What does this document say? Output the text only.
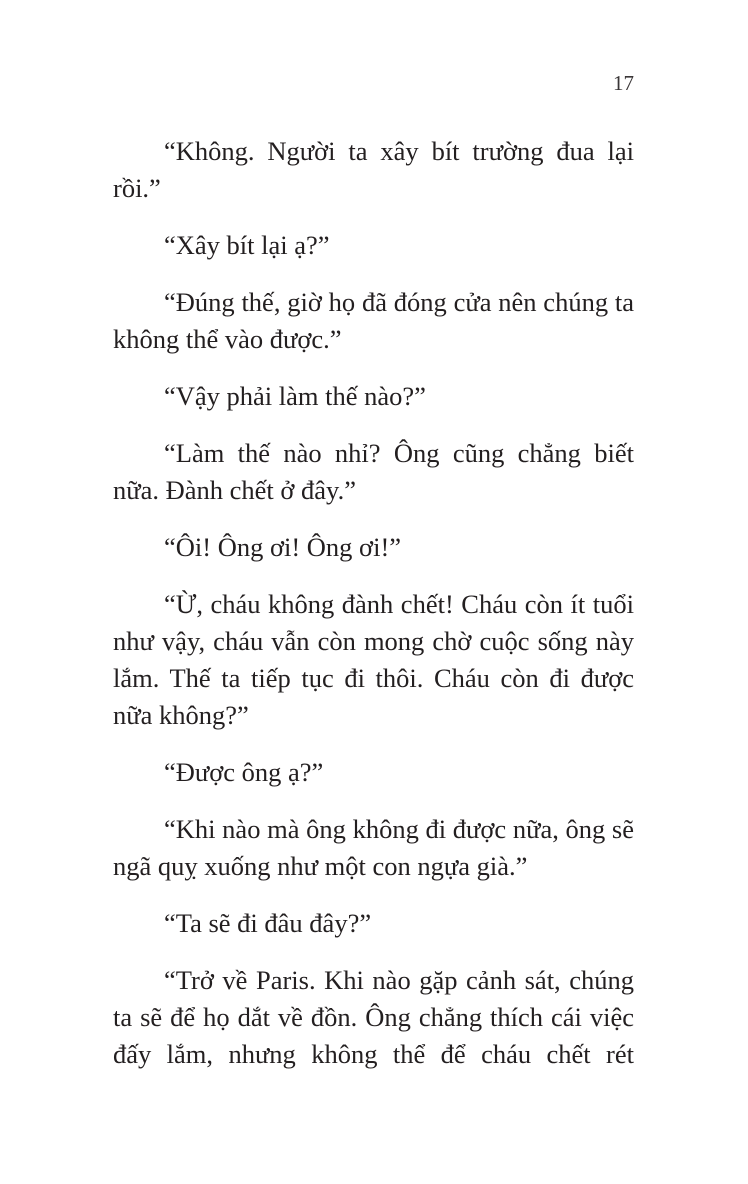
17

“Không. Người ta xây bít trường đua lại rồi.”

“Xây bít lại ạ?”

“Đúng thế, giờ họ đã đóng cửa nên chúng ta không thể vào được.”

“Vậy phải làm thế nào?”

“Làm thế nào nhỉ? Ông cũng chẳng biết nữa. Đành chết ở đây.”

“Ôi! Ông ơi! Ông ơi!”

“Ừ, cháu không đành chết! Cháu còn ít tuổi như vậy, cháu vẫn còn mong chờ cuộc sống này lắm. Thế ta tiếp tục đi thôi. Cháu còn đi được nữa không?”

“Được ông ạ?”

“Khi nào mà ông không đi được nữa, ông sẽ ngã quỵ xuống như một con ngựa già.”

“Ta sẽ đi đâu đây?”

“Trở về Paris. Khi nào gặp cảnh sát, chúng ta sẽ để họ dắt về đồn. Ông chẳng thích cái việc đấy lắm, nhưng không thể để cháu chết rét
